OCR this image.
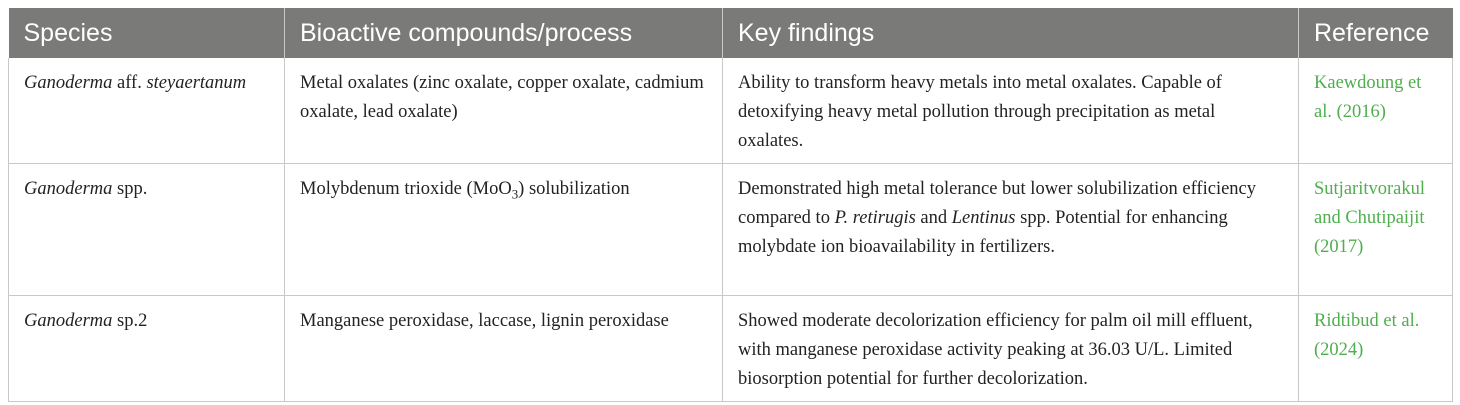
Species	Bioactive compounds/process	Key findings	Reference
Ganoderma aff. steyaertanum	Metal oxalates (zinc oxalate, copper oxalate, cadmium oxalate, lead oxalate)	Ability to transform heavy metals into metal oxalates. Capable of detoxifying heavy metal pollution through precipitation as metal oxalates.	Kaewdoung et al. (2016)
Ganoderma spp.	Molybdenum trioxide (MoO$_3$) solubilization	Demonstrated high metal tolerance but lower solubilization efficiency compared to P. retirugis and Lentinus spp. Potential for enhancing molybdate ion bioavailability in fertilizers.	Sutjaritvorakul and Chutipaijit (2017)
Ganoderma sp.2	Manganese peroxidase, laccase, lignin peroxidase	Showed moderate decolorization efficiency for palm oil mill effluent, with manganese peroxidase activity peaking at 36.03 U/L. Limited biosorption potential for further decolorization.	Ridtibud et al. (2024)
